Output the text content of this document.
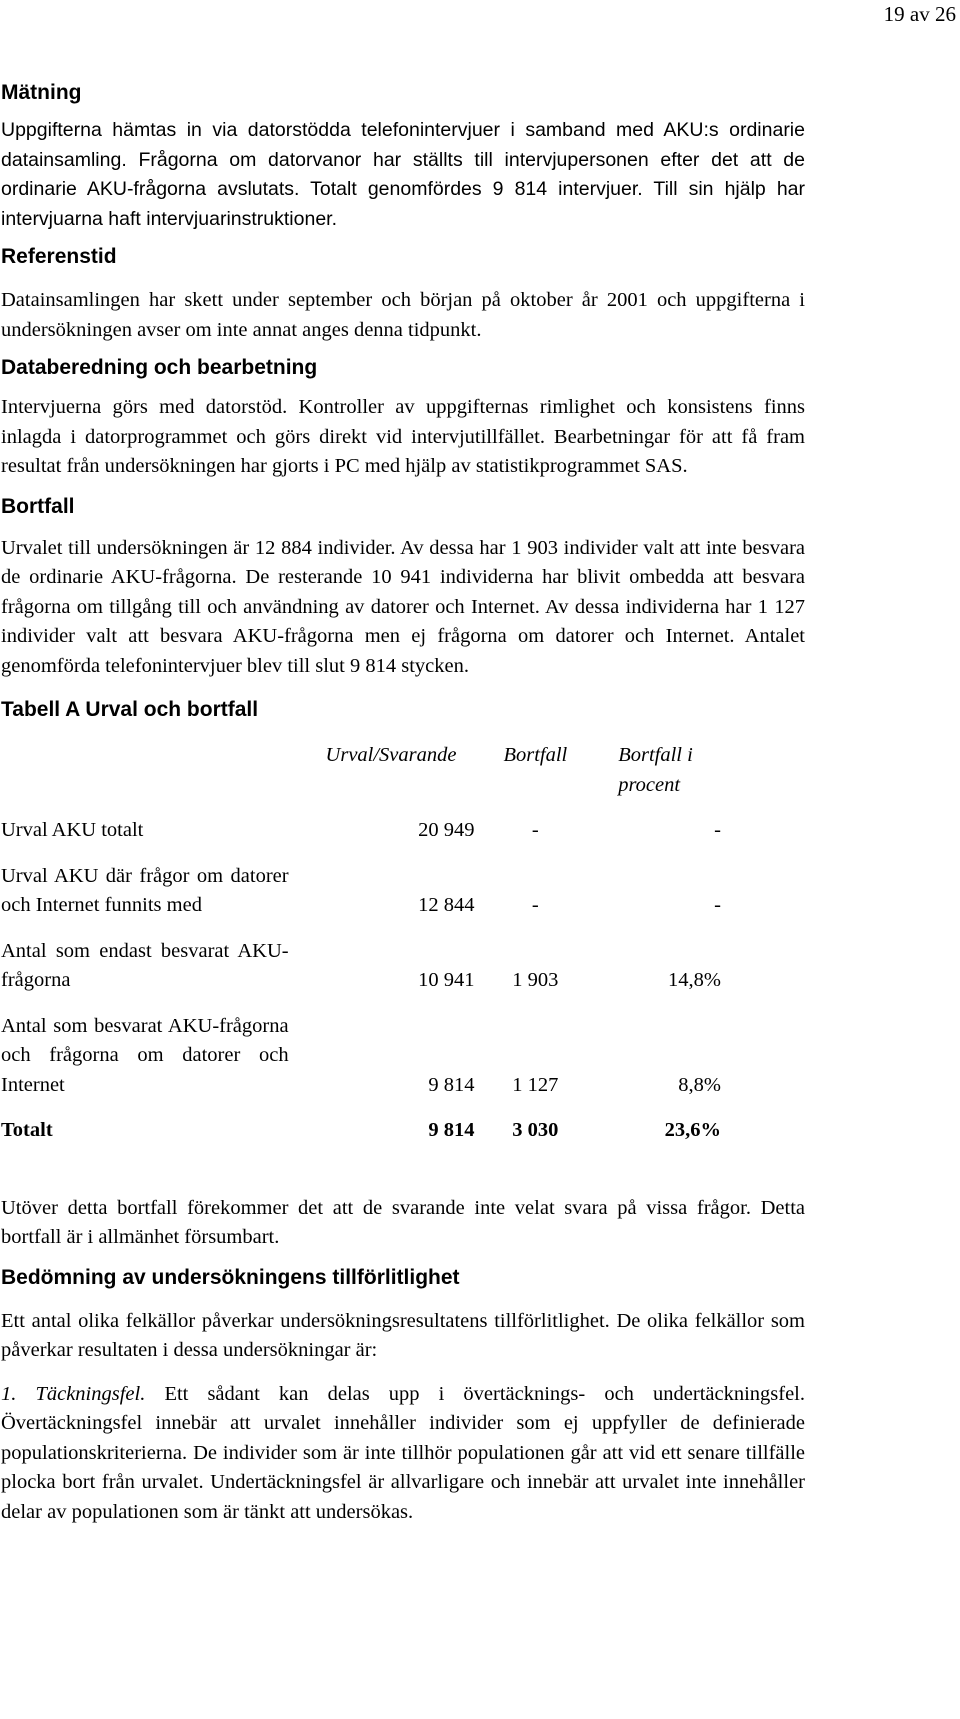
19 av 26
Mätning

Uppgifterna hämtas in via datorstödda telefonintervjuer i samband med AKU:s ordinarie datainsamling. Frågorna om datorvanor har ställts till intervjupersonen efter det att de ordinarie AKU-frågorna avslutats. Totalt genomfördes 9 814 intervjuer. Till sin hjälp har intervjuarna haft intervjuarinstruktioner.

Referenstid

Datainsamlingen har skett under september och början på oktober år 2001 och uppgifterna i undersökningen avser om inte annat anges denna tidpunkt.

Databeredning och bearbetning

Intervjuerna görs med datorstöd. Kontroller av uppgifternas rimlighet och konsistens finns inlagda i datorprogrammet och görs direkt vid intervjutillfället. Bearbetningar för att få fram resultat från undersökningen har gjorts i PC med hjälp av statistikprogrammet SAS.

Bortfall

Urvalet till undersökningen är 12 884 individer. Av dessa har 1 903 individer valt att inte besvara de ordinarie AKU-frågorna. De resterande 10 941 individerna har blivit ombedda att besvara frågorna om tillgång till och användning av datorer och Internet. Av dessa individerna har 1 127 individer valt att besvara AKU-frågorna men ej frågorna om datorer och Internet. Antalet genomförda telefonintervjuer blev till slut 9 814 stycken.

Tabell A Urval och bortfall
	Urval/Svarande	Bortfall	Bortfall i procent
Urval AKU totalt	20 949	-	-
Urval AKU där frågor om datorer och Internet funnits med	12 844	-	-
Antal som endast besvarat AKU-frågorna	10 941	1 903	14,8%
Antal som besvarat AKU-frågorna och frågorna om datorer och Internet	9 814	1 127	8,8%
Totalt	9 814	3 030	23,6%

Utöver detta bortfall förekommer det att de svarande inte velat svara på vissa frågor. Detta bortfall är i allmänhet försumbart.

Bedömning av undersökningens tillförlitlighet

Ett antal olika felkällor påverkar undersökningsresultatens tillförlitlighet. De olika felkällor som påverkar resultaten i dessa undersökningar är:

1. Täckningsfel. Ett sådant kan delas upp i övertäcknings- och undertäckningsfel. Övertäckningsfel innebär att urvalet innehåller individer som ej uppfyller de definierade populationskriterierna. De individer som är inte tillhör populationen går att vid ett senare tillfälle plocka bort från urvalet. Undertäckningsfel är allvarligare och innebär att urvalet inte innehåller delar av populationen som är tänkt att undersökas.
